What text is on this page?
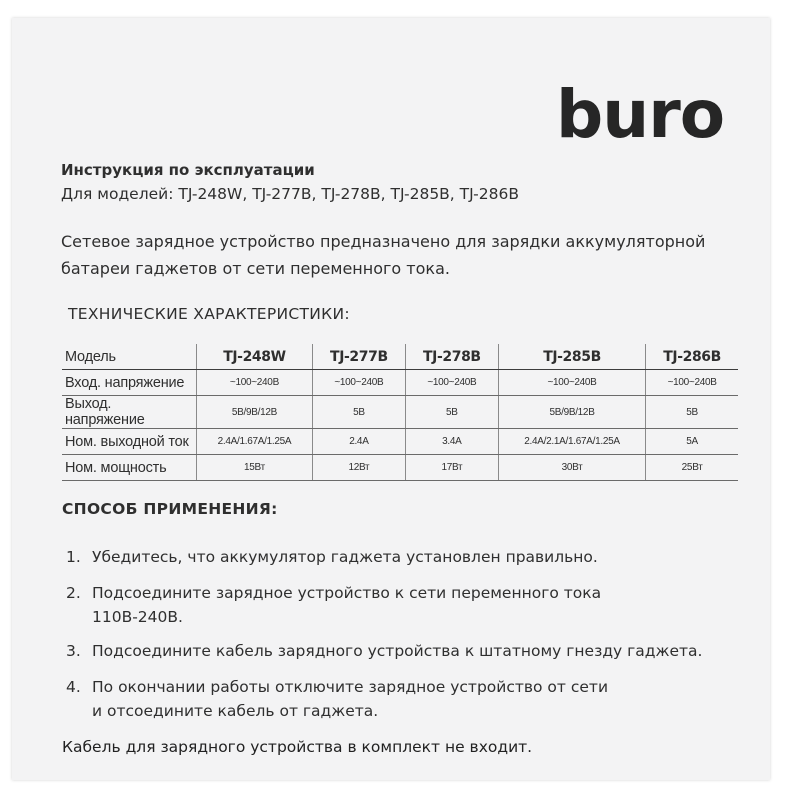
buro
Инструкция по эксплуатации
Для моделей: TJ-248W, TJ-277B, TJ-278B, TJ-285B, TJ-286B

Сетевое зарядное устройство предназначено для зарядки аккумуляторной
батареи гаджетов от сети переменного тока.

ТЕХНИЧЕСКИЕ ХАРАКТЕРИСТИКИ:
Модель	TJ-248W	TJ-277B	TJ-278B	TJ-285B	TJ-286B
Вход. напряжение	~100~240В	~100~240В	~100~240В	~100~240В	~100~240В
Выход. напряжение	5В/9В/12В	5В	5В	5В/9В/12В	5В
Ном. выходной ток	2.4А/1.67А/1.25А	2.4А	3.4А	2.4А/2.1А/1.67А/1.25А	5А
Ном. мощность	15Вт	12Вт	17Вт	30Вт	25Вт
СПОСОБ ПРИМЕНЕНИЯ:
1. Убедитесь, что аккумулятор гаджета установлен правильно.
2. Подсоедините зарядное устройство к сети переменного тока
110В-240В.
3. Подсоедините кабель зарядного устройства к штатному гнезду гаджета.
4. По окончании работы отключите зарядное устройство от сети
и отсоедините кабель от гаджета.
Кабель для зарядного устройства в комплект не входит.
